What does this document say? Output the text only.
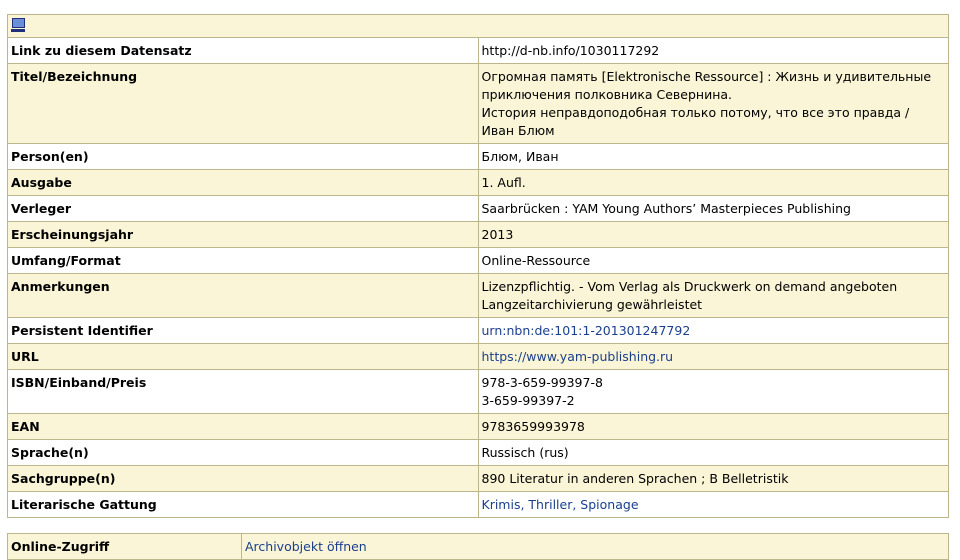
Link zu diesem Datensatz	http://d-nb.info/1030117292

Titel/Bezeichnung	Огромная память [Elektronische Ressource] : Жизнь и удивительные приключения полковника Севернина.
История неправдоподобная только потому, что все это правда / Иван Блюм

Person(en)	Блюм, Иван

Ausgabe	1. Aufl.

Verleger	Saarbrücken : YAM Young Authors’ Masterpieces Publishing

Erscheinungsjahr	2013

Umfang/Format	Online-Ressource

Anmerkungen	Lizenzpflichtig. - Vom Verlag als Druckwerk on demand angeboten
Langzeitarchivierung gewährleistet

Persistent Identifier	urn:nbn:de:101:1-201301247792

URL	https://www.yam-publishing.ru

ISBN/Einband/Preis	978-3-659-99397-8
3-659-99397-2

EAN	9783659993978

Sprache(n)	Russisch (rus)

Sachgruppe(n)	890 Literatur in anderen Sprachen ; B Belletristik

Literarische Gattung	Krimis, Thriller, Spionage
Online-Zugriff	Archivobjekt öffnen
